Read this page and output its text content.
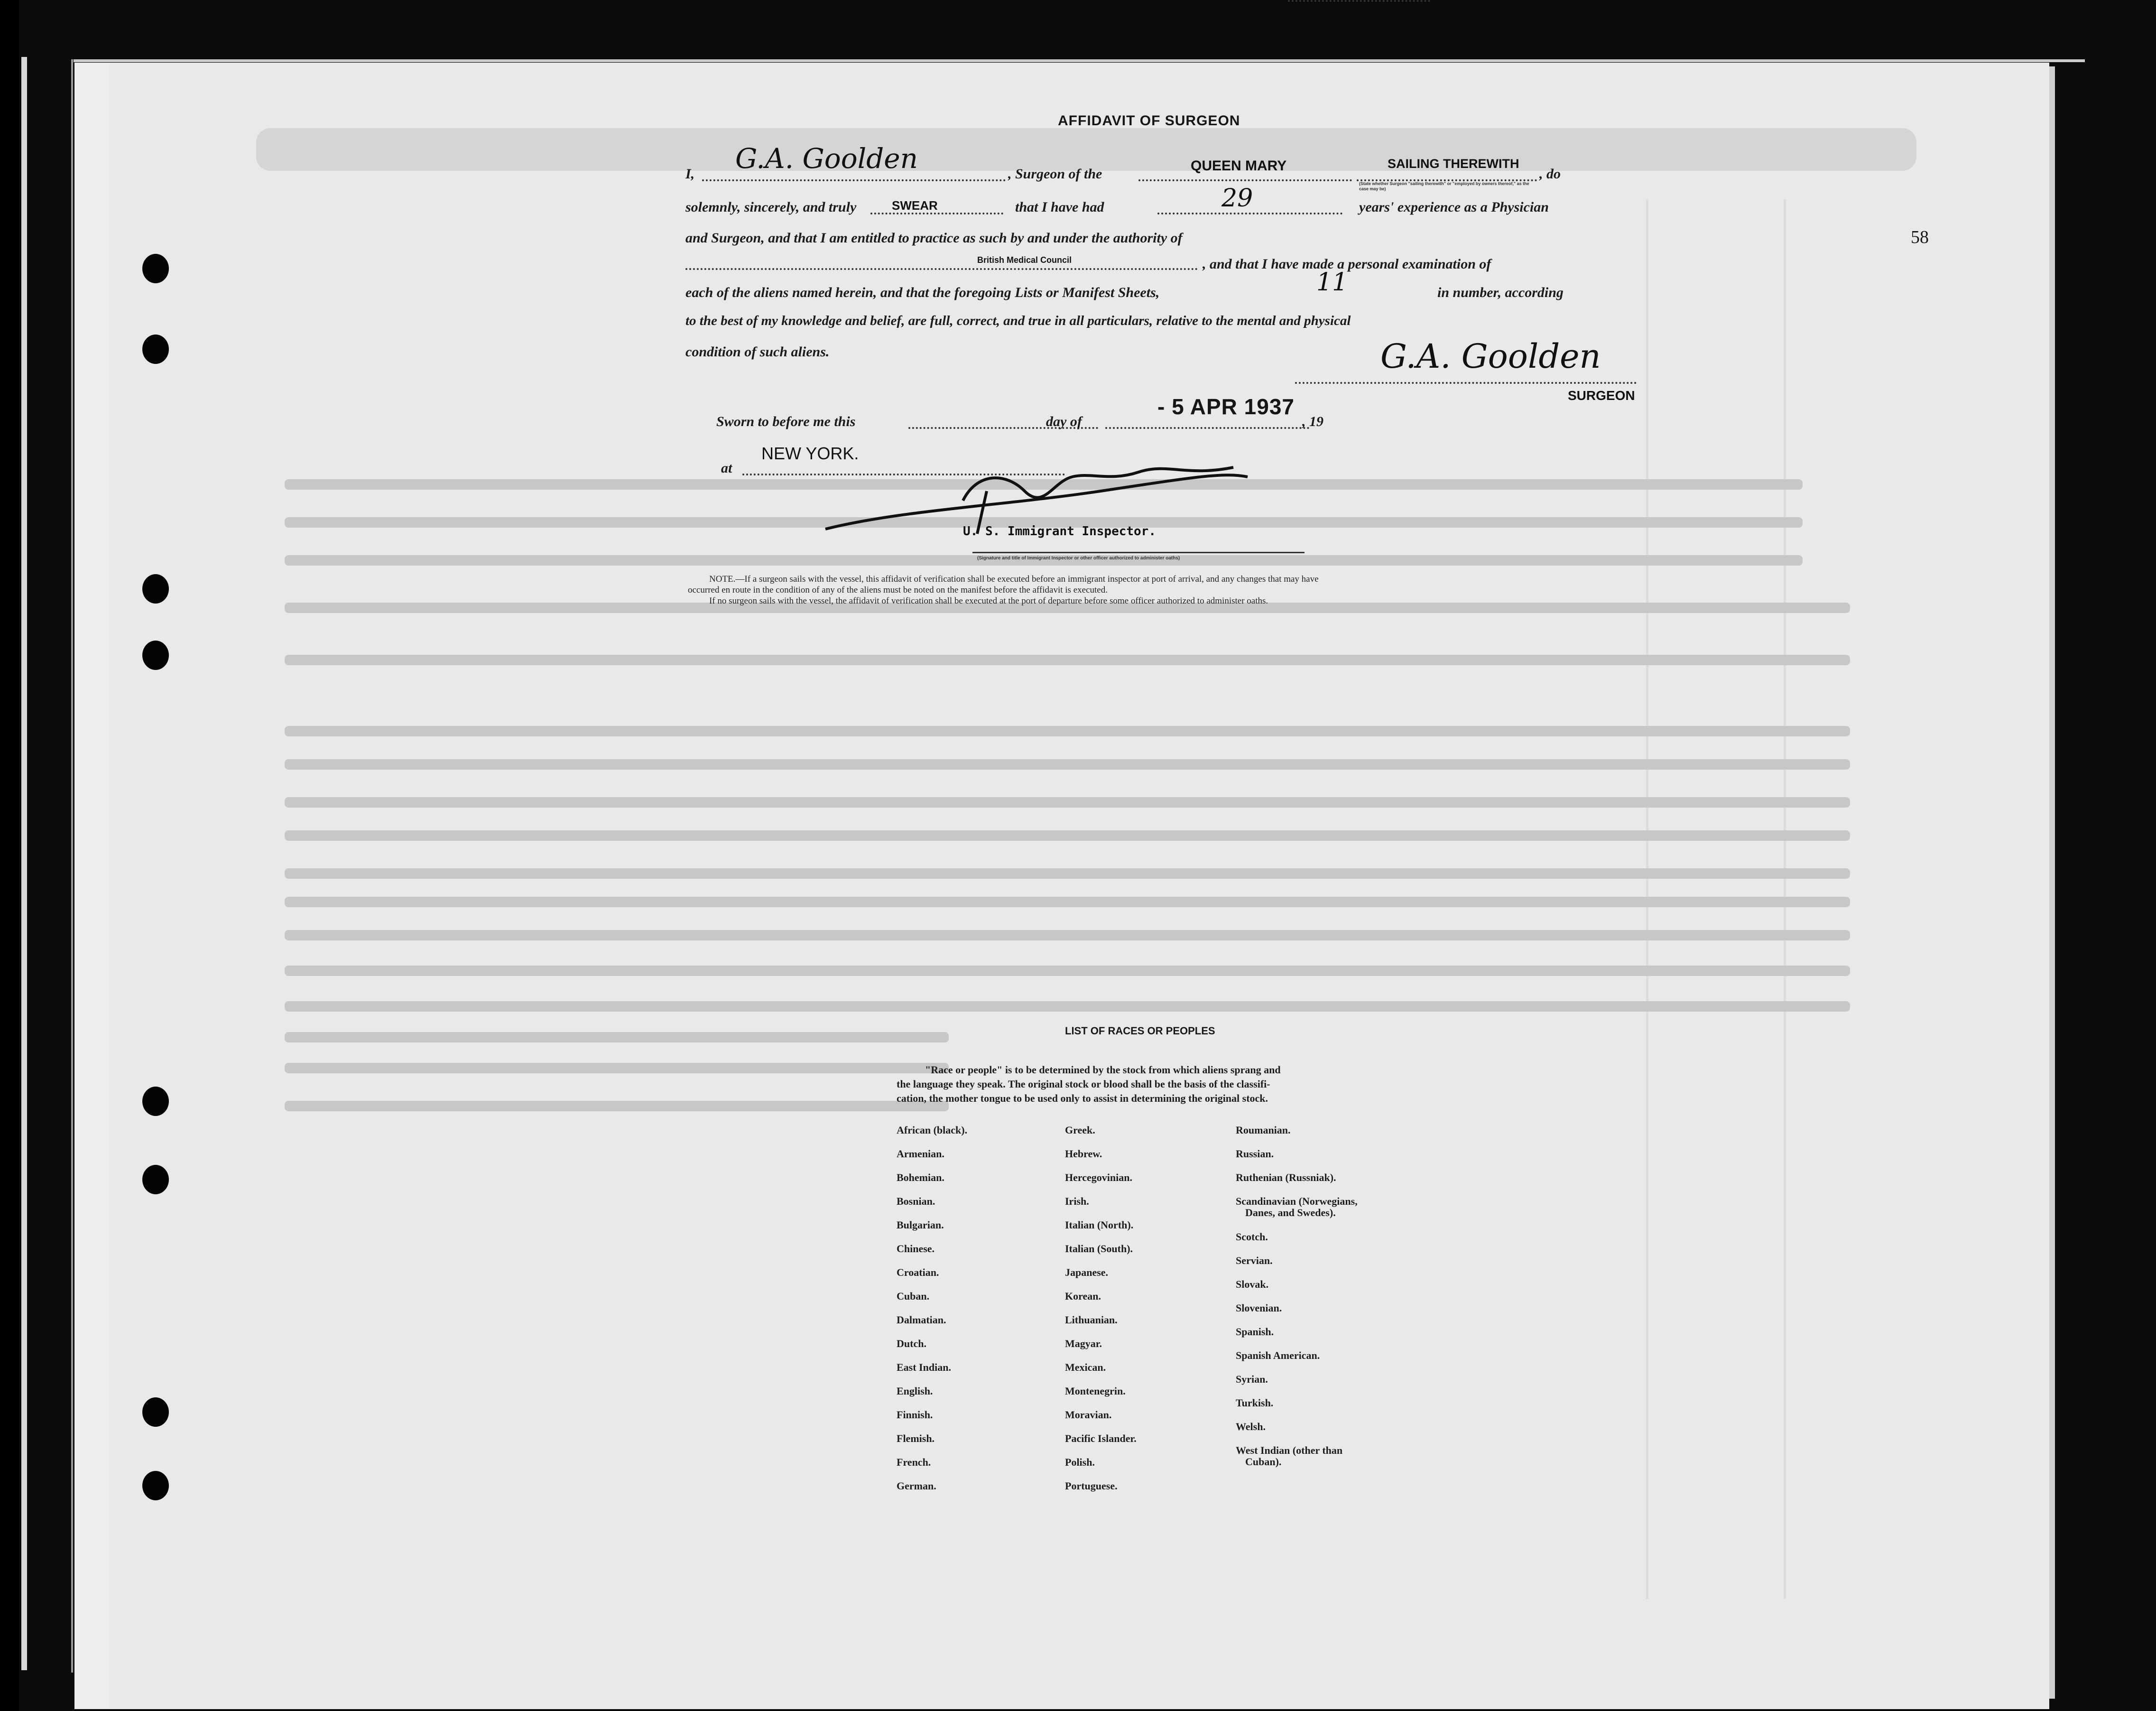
58
AFFIDAVIT OF SURGEON
I, G.A. Goolden	, Surgeon of the
QUEEN MARY	SAILING THEREWITH
(State whether Surgeon "sailing therewith" or "employed by owners thereof," as the case may be)
, do
solemnly, sincerely, and truly	SWEAR	that I have had	29	years' experience as a Physician
and Surgeon, and that I am entitled to practice as such by and under the authority of
British Medical Council	, and that I have made a personal examination of
each of the aliens named herein, and that the foregoing Lists or Manifest Sheets,	11	in number, according
to the best of my knowledge and belief, are full, correct, and true in all particulars, relative to the mental and physical
condition of such aliens.	G.A. Goolden
SURGEON
Sworn to before me this	day of
- 5 APR 1937
, 19
at
NEW YORK.
U. S. Immigrant Inspector.
(Signature and title of Immigrant Inspector or other officer authorized to administer oaths)
NOTE.—If a surgeon sails with the vessel, this affidavit of verification shall be executed before an immigrant inspector at port of arrival, and any changes that may have
occurred en route in the condition of any of the aliens must be noted on the manifest before the affidavit is executed.
If no surgeon sails with the vessel, the affidavit of verification shall be executed at the port of departure before some officer authorized to administer oaths.
LIST OF RACES OR PEOPLES
"Race or people" is to be determined by the stock from which aliens sprang and
the language they speak. The original stock or blood shall be the basis of the classifi-
cation, the mother tongue to be used only to assist in determining the original stock.
African (black).
Armenian.
Bohemian.
Bosnian.
Bulgarian.
Chinese.
Croatian.
Cuban.
Dalmatian.
Dutch.
East Indian.
English.
Finnish.
Flemish.
French.
German.
Greek.
Hebrew.
Hercegovinian.
Irish.
Italian (North).
Italian (South).
Japanese.
Korean.
Lithuanian.
Magyar.
Mexican.
Montenegrin.
Moravian.
Pacific Islander.
Polish.
Portuguese.
Roumanian.
Russian.
Ruthenian (Russniak).
Scandinavian (Norwegians,
Danes, and Swedes).
Scotch.
Servian.
Slovak.
Slovenian.
Spanish.
Spanish American.
Syrian.
Turkish.
Welsh.
West Indian (other than
Cuban).
